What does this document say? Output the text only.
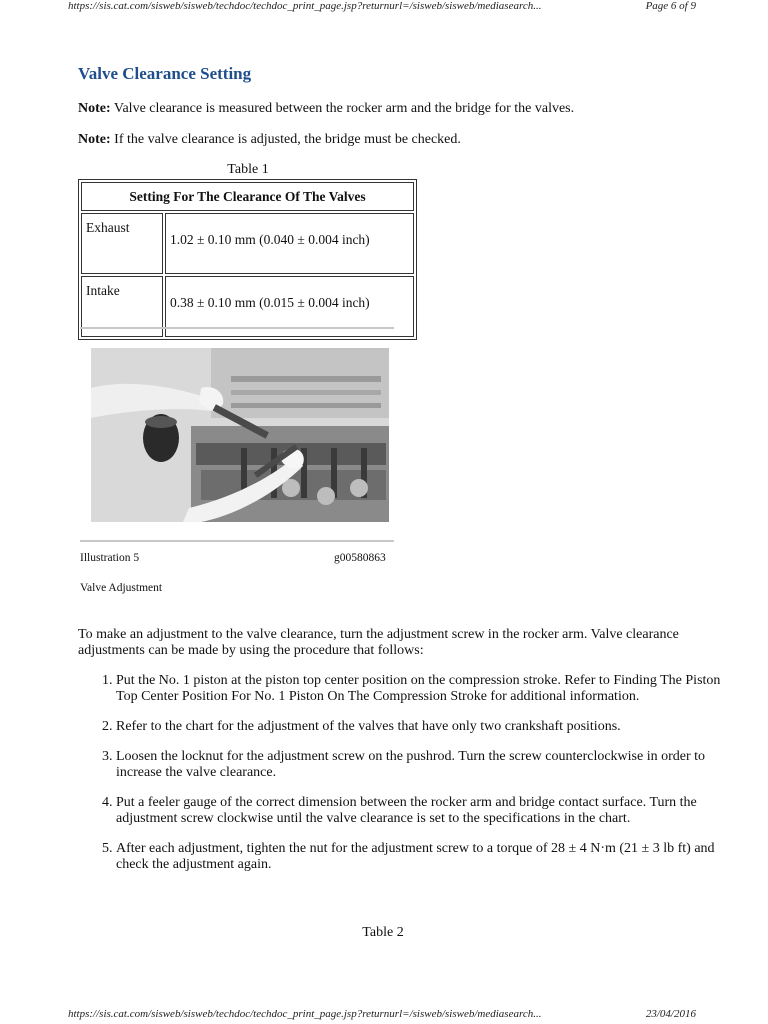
https://sis.cat.com/sisweb/sisweb/techdoc/techdoc_print_page.jsp?returnurl=/sisweb/sisweb/mediasearch...	Page 6 of 9
Valve Clearance Setting

Note: Valve clearance is measured between the rocker arm and the bridge for the valves.

Note: If the valve clearance is adjusted, the bridge must be checked.

Table 1
Setting For The Clearance Of The Valves	
Exhaust	1.02 ± 0.10 mm (0.040 ± 0.004 inch)
Intake	0.38 ± 0.10 mm (0.015 ± 0.004 inch)
Illustration 5	g00580863
Valve Adjustment

To make an adjustment to the valve clearance, turn the adjustment screw in the rocker arm. Valve clearance adjustments can be made by using the procedure that follows:

1. Put the No. 1 piston at the piston top center position on the compression stroke. Refer to Finding The Piston Top Center Position For No. 1 Piston On The Compression Stroke for additional information.
2. Refer to the chart for the adjustment of the valves that have only two crankshaft positions.
3. Loosen the locknut for the adjustment screw on the pushrod. Turn the screw counterclockwise in order to increase the valve clearance.
4. Put a feeler gauge of the correct dimension between the rocker arm and bridge contact surface. Turn the adjustment screw clockwise until the valve clearance is set to the specifications in the chart.
5. After each adjustment, tighten the nut for the adjustment screw to a torque of 28 ± 4 N·m (21 ± 3 lb ft) and check the adjustment again.
Table 2
https://sis.cat.com/sisweb/sisweb/techdoc/techdoc_print_page.jsp?returnurl=/sisweb/sisweb/mediasearch...	23/04/2016
